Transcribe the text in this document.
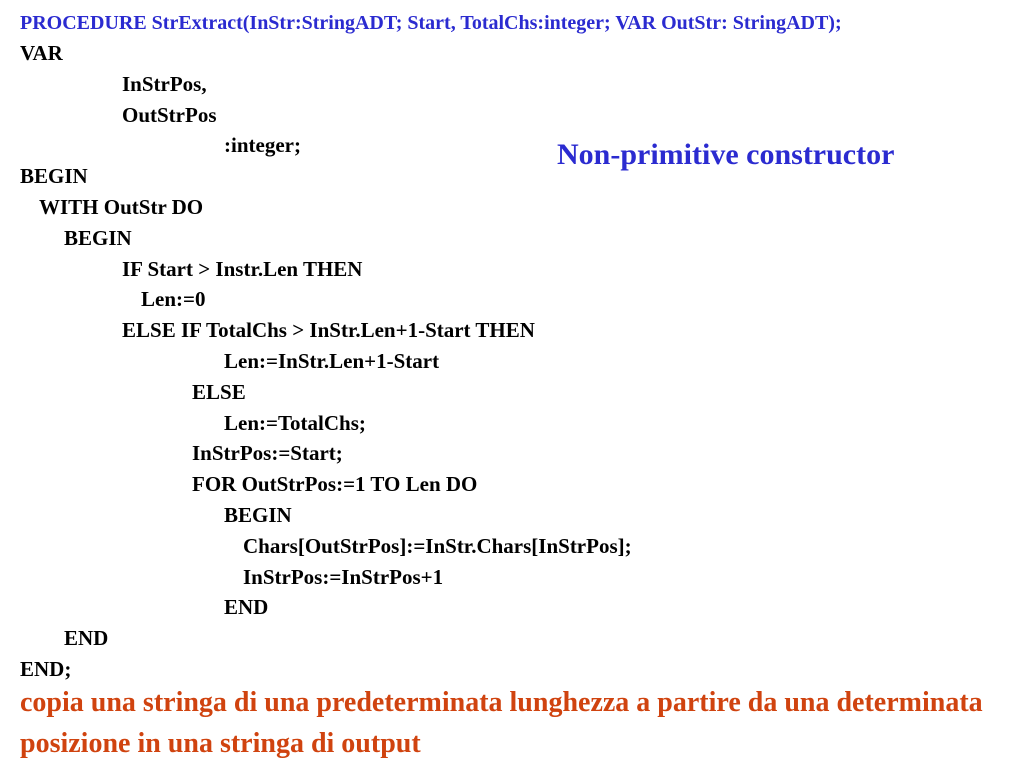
PROCEDURE StrExtract(InStr:StringADT; Start, TotalChs:integer; VAR OutStr: StringADT);
VAR
InStrPos,
OutStrPos
:integer;
BEGIN
WITH OutStr DO
BEGIN
IF Start > Instr.Len THEN
Len:=0
ELSE IF TotalChs > InStr.Len+1-Start THEN
Len:=InStr.Len+1-Start
ELSE
Len:=TotalChs;
InStrPos:=Start;
FOR OutStrPos:=1 TO Len DO
BEGIN
Chars[OutStrPos]:=InStr.Chars[InStrPos];
InStrPos:=InStrPos+1
END
END
END;
Non-primitive constructor
copia una stringa di una predeterminata lunghezza a partire da una determinata posizione in una stringa di output
